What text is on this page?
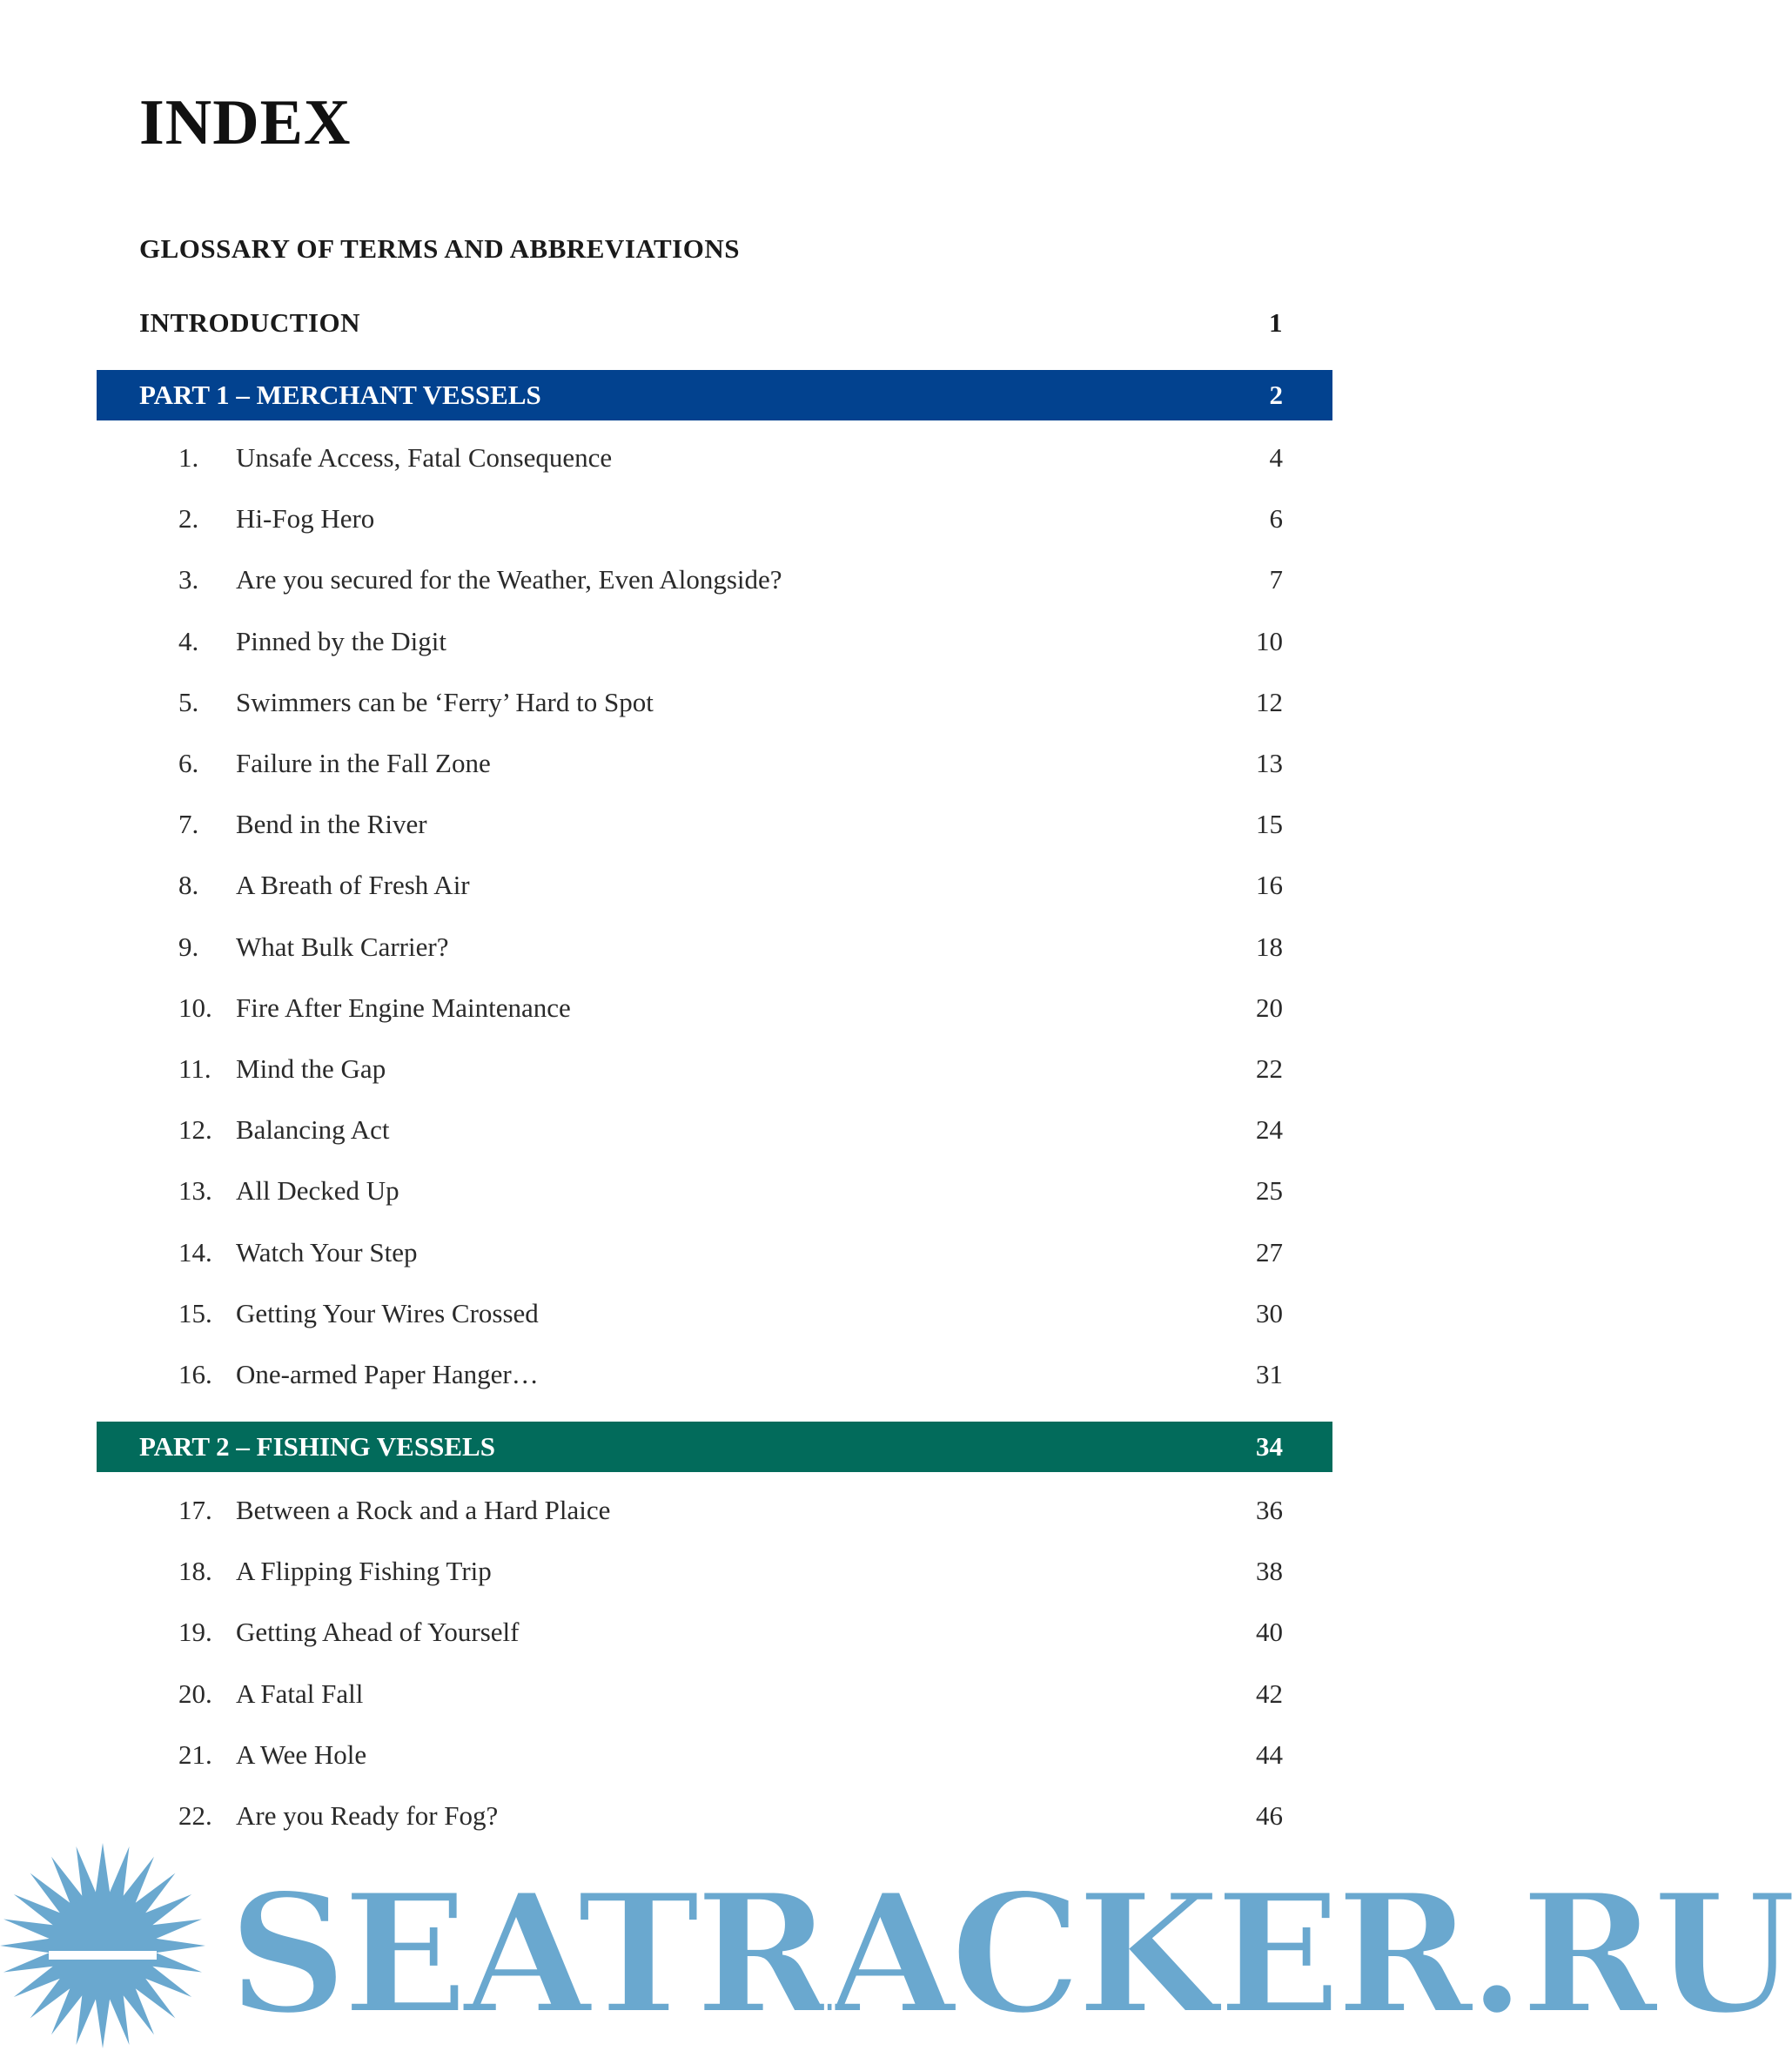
INDEX
GLOSSARY OF TERMS AND ABBREVIATIONS
INTRODUCTION	1
PART 1 – MERCHANT VESSELS	2
1.	Unsafe Access, Fatal Consequence	4
2.	Hi-Fog Hero	6
3.	Are you secured for the Weather, Even Alongside?	7
4.	Pinned by the Digit	10
5.	Swimmers can be ‘Ferry’ Hard to Spot	12
6.	Failure in the Fall Zone	13
7.	Bend in the River	15
8.	A Breath of Fresh Air	16
9.	What Bulk Carrier?	18
10. Fire After Engine Maintenance	20
11. Mind the Gap	22
12. Balancing Act	24
13. All Decked Up	25
14. Watch Your Step	27
15. Getting Your Wires Crossed	30
16. One-armed Paper Hanger…	31
PART 2 – FISHING VESSELS	34
17. Between a Rock and a Hard Plaice	36
18. A Flipping Fishing Trip	38
19. Getting Ahead of Yourself	40
20. A Fatal Fall	42
21. A Wee Hole	44
22. Are you Ready for Fog?	46
SEATRACKER.RU
